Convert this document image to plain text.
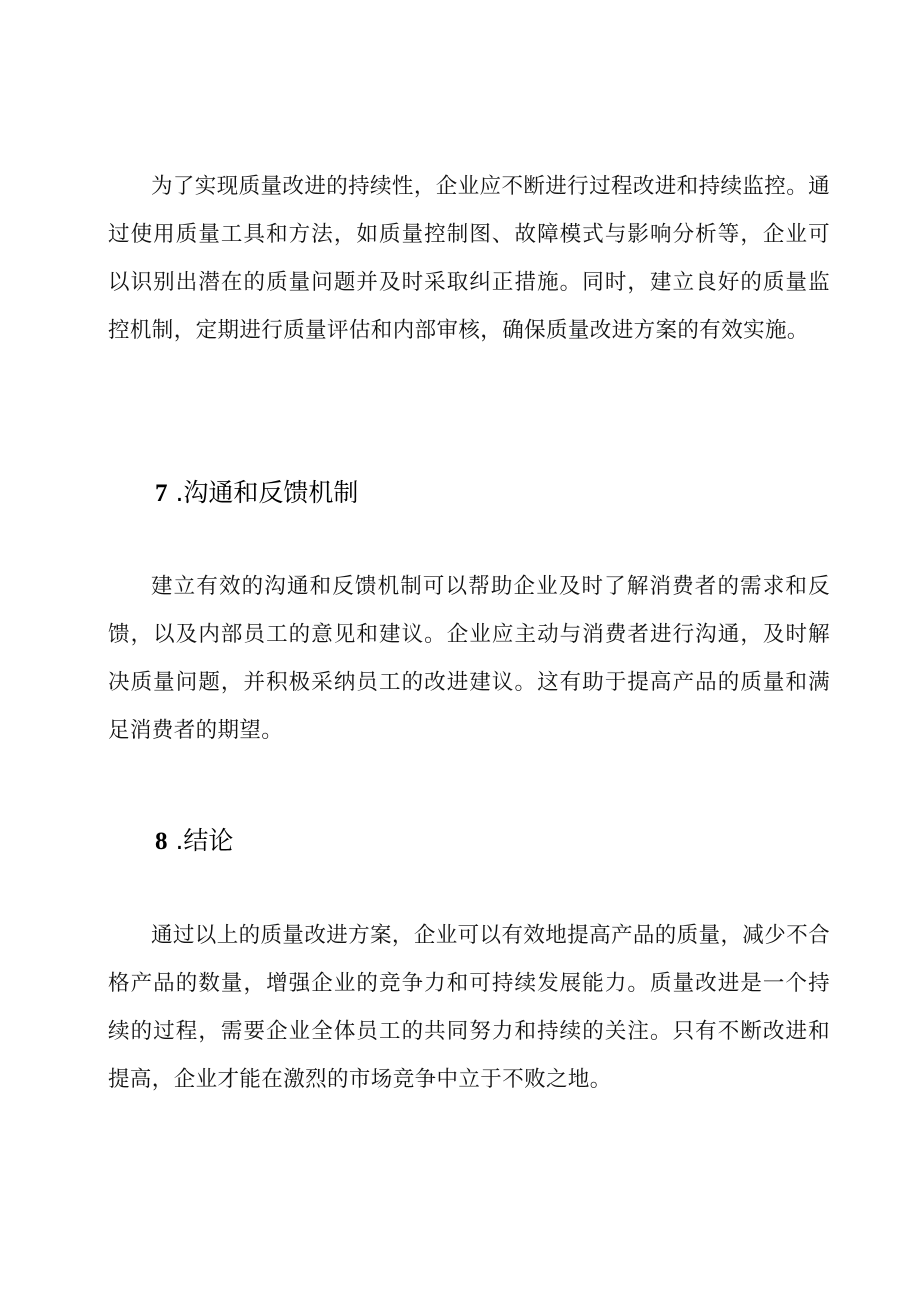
为了实现质量改进的持续性，企业应不断进行过程改进和持续监控。通过使用质量工具和方法，如质量控制图、故障模式与影响分析等，企业可以识别出潜在的质量问题并及时采取纠正措施。同时，建立良好的质量监控机制，定期进行质量评估和内部审核，确保质量改进方案的有效实施。

7 .沟通和反馈机制

建立有效的沟通和反馈机制可以帮助企业及时了解消费者的需求和反馈，以及内部员工的意见和建议。企业应主动与消费者进行沟通，及时解决质量问题，并积极采纳员工的改进建议。这有助于提高产品的质量和满足消费者的期望。

8 .结论

通过以上的质量改进方案，企业可以有效地提高产品的质量，减少不合格产品的数量，增强企业的竞争力和可持续发展能力。质量改进是一个持续的过程，需要企业全体员工的共同努力和持续的关注。只有不断改进和提高，企业才能在激烈的市场竞争中立于不败之地。
